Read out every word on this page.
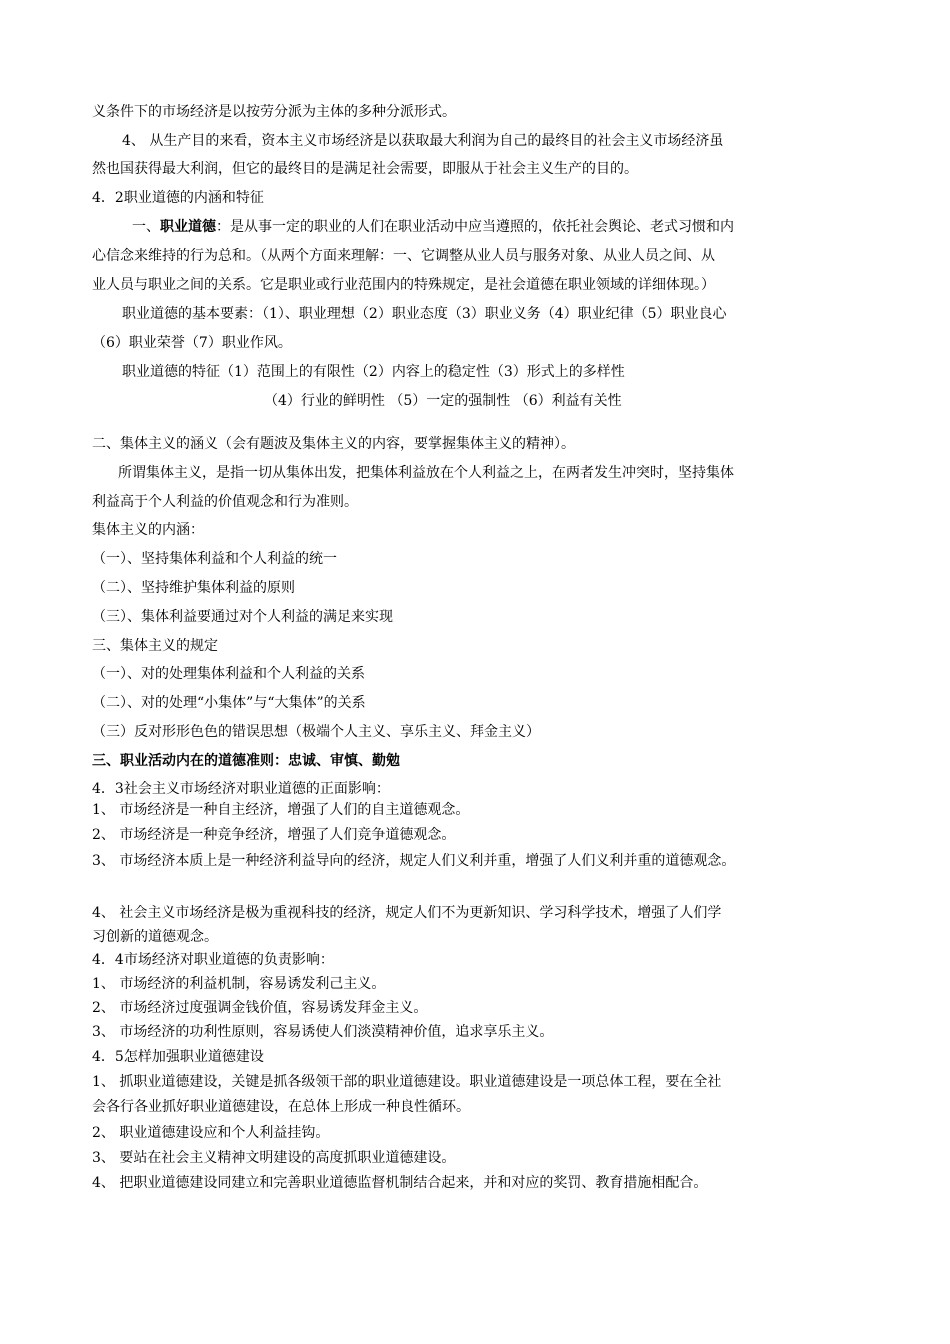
义条件下的市场经济是以按劳分派为主体的多种分派形式。
4、 从生产目的来看，资本主义市场经济是以获取最大利润为自己的最终目的社会主义市场经济虽
然也国获得最大利润，但它的最终目的是满足社会需要，即服从于社会主义生产的目的。
4．2职业道德的内涵和特征
一、职业道德：是从事一定的职业的人们在职业活动中应当遵照的，依托社会舆论、老式习惯和内
心信念来维持的行为总和。（从两个方面来理解：一、它调整从业人员与服务对象、从业人员之间、从
业人员与职业之间的关系。它是职业或行业范围内的特殊规定，是社会道德在职业领域的详细体现。）
职业道德的基本要素：（1）、职业理想（2）职业态度（3）职业义务（4）职业纪律（5）职业良心
（6）职业荣誉（7）职业作风。
职业道德的特征（1）范围上的有限性（2）内容上的稳定性（3）形式上的多样性
（4）行业的鲜明性 （5）一定的强制性 （6）利益有关性
二、集体主义的涵义（会有题波及集体主义的内容，要掌握集体主义的精神）。
所谓集体主义，是指一切从集体出发，把集体利益放在个人利益之上，在两者发生冲突时，坚持集体
利益高于个人利益的价值观念和行为准则。
集体主义的内涵：
（一）、坚持集体利益和个人利益的统一
（二）、坚持维护集体利益的原则
（三）、集体利益要通过对个人利益的满足来实现
三、集体主义的规定
（一）、对的处理集体利益和个人利益的关系
（二）、对的处理“小集体”与“大集体”的关系
（三）反对形形色色的错误思想（极端个人主义、享乐主义、拜金主义）
三、职业活动内在的道德准则：忠诚、审慎、勤勉
4．3社会主义市场经济对职业道德的正面影响：
1、 市场经济是一种自主经济，增强了人们的自主道德观念。
2、 市场经济是一种竞争经济，增强了人们竞争道德观念。
3、 市场经济本质上是一种经济利益导向的经济，规定人们义利并重，增强了人们义利并重的道德观念。
4、 社会主义市场经济是极为重视科技的经济，规定人们不为更新知识、学习科学技术，增强了人们学
习创新的道德观念。
4．4市场经济对职业道德的负责影响：
1、 市场经济的利益机制，容易诱发利己主义。
2、 市场经济过度强调金钱价值，容易诱发拜金主义。
3、 市场经济的功利性原则，容易诱使人们淡漠精神价值，追求享乐主义。
4．5怎样加强职业道德建设
1、 抓职业道德建设，关键是抓各级领干部的职业道德建设。职业道德建设是一项总体工程，要在全社
会各行各业抓好职业道德建设，在总体上形成一种良性循环。
2、 职业道德建设应和个人利益挂钩。
3、 要站在社会主义精神文明建设的高度抓职业道德建设。
4、 把职业道德建设同建立和完善职业道德监督机制结合起来，并和对应的奖罚、教育措施相配合。
